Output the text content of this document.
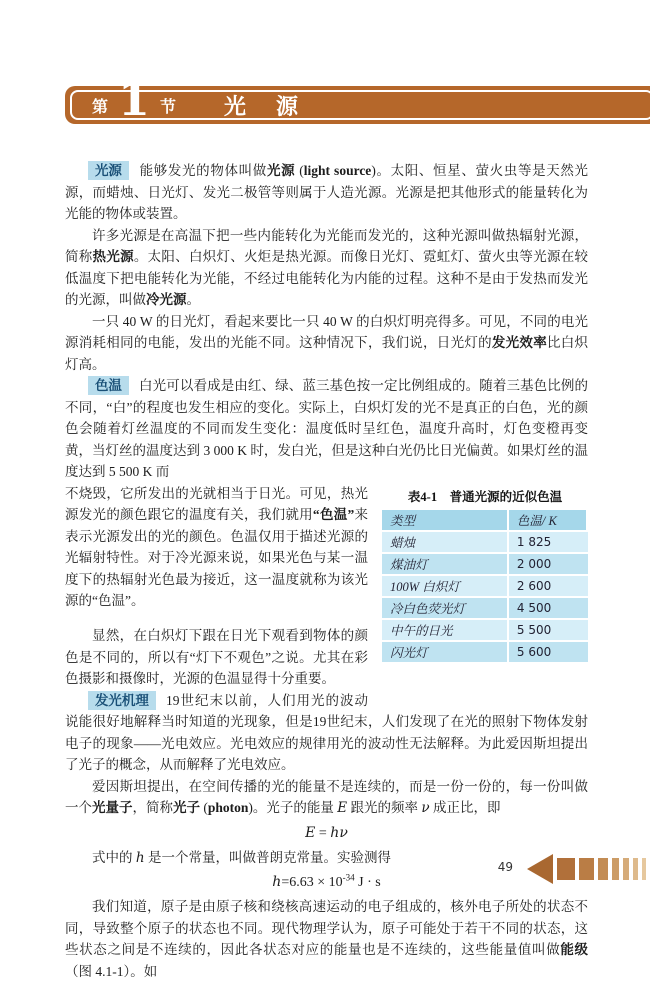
第 1 节 光源

光源 能够发光的物体叫做光源 (light source)。太阳、恒星、萤火虫等是天然光源，而蜡烛、日光灯、发光二极管等则属于人造光源。光源是把其他形式的能量转化为光能的物体或装置。

许多光源是在高温下把一些内能转化为光能而发光的，这种光源叫做热辐射光源，简称热光源。太阳、白炽灯、火炬是热光源。而像日光灯、霓虹灯、萤火虫等光源在较低温度下把电能转化为光能，不经过电能转化为内能的过程。这种不是由于发热而发光的光源，叫做冷光源。

一只 40 W 的日光灯，看起来要比一只 40 W 的白炽灯明亮得多。可见，不同的电光源消耗相同的电能，发出的光能不同。这种情况下，我们说，日光灯的发光效率比白炽灯高。

色温 白光可以看成是由红、绿、蓝三基色按一定比例组成的。随着三基色比例的不同，“白”的程度也发生相应的变化。实际上，白炽灯发的光不是真正的白色，光的颜色会随着灯丝温度的不同而发生变化：温度低时呈红色，温度升高时，灯色变橙再变黄，当灯丝的温度达到 3 000 K 时，发白光，但是这种白光仍比日光偏黄。如果灯丝的温度达到 5 500 K 而

表4-1　普通光源的近似色温
类型	色温/ K
蜡烛	1 825
煤油灯	2 000
100W 白炽灯	2 600
冷白色荧光灯	4 500
中午的日光	5 500
闪光灯	5 600
不烧毁，它所发出的光就相当于日光。可见，热光源发光的颜色跟它的温度有关，我们就用“色温”来表示光源发出的光的颜色。色温仅用于描述光源的光辐射特性。对于冷光源来说，如果光色与某一温度下的热辐射光色最为接近，这一温度就称为该光源的“色温”。

显然，在白炽灯下跟在日光下观看到物体的颜色是不同的，所以有“灯下不观色”之说。尤其在彩色摄影和摄像时，光源的色温显得十分重要。

发光机理 19世纪末以前，人们用光的波动说能很好地解释当时知道的光现象，但是19世纪末，人们发现了在光的照射下物体发射电子的现象——光电效应。光电效应的规律用光的波动性无法解释。为此爱因斯坦提出了光子的概念，从而解释了光电效应。

爱因斯坦提出，在空间传播的光的能量不是连续的，而是一份一份的，每一份叫做一个光量子，简称光子 (photon)。光子的能量 E 跟光的频率 ν 成正比，即

E = hν

式中的 h 是一个常量，叫做普朗克常量。实验测得

$h=6.63 \times 10^{-34}$ J · s

我们知道，原子是由原子核和绕核高速运动的电子组成的，核外电子所处的状态不同，导致整个原子的状态也不同。现代物理学认为，原子可能处于若干不同的状态，这些状态之间是不连续的，因此各状态对应的能量也是不连续的，这些能量值叫做能级（图 4.1-1）。如

49
